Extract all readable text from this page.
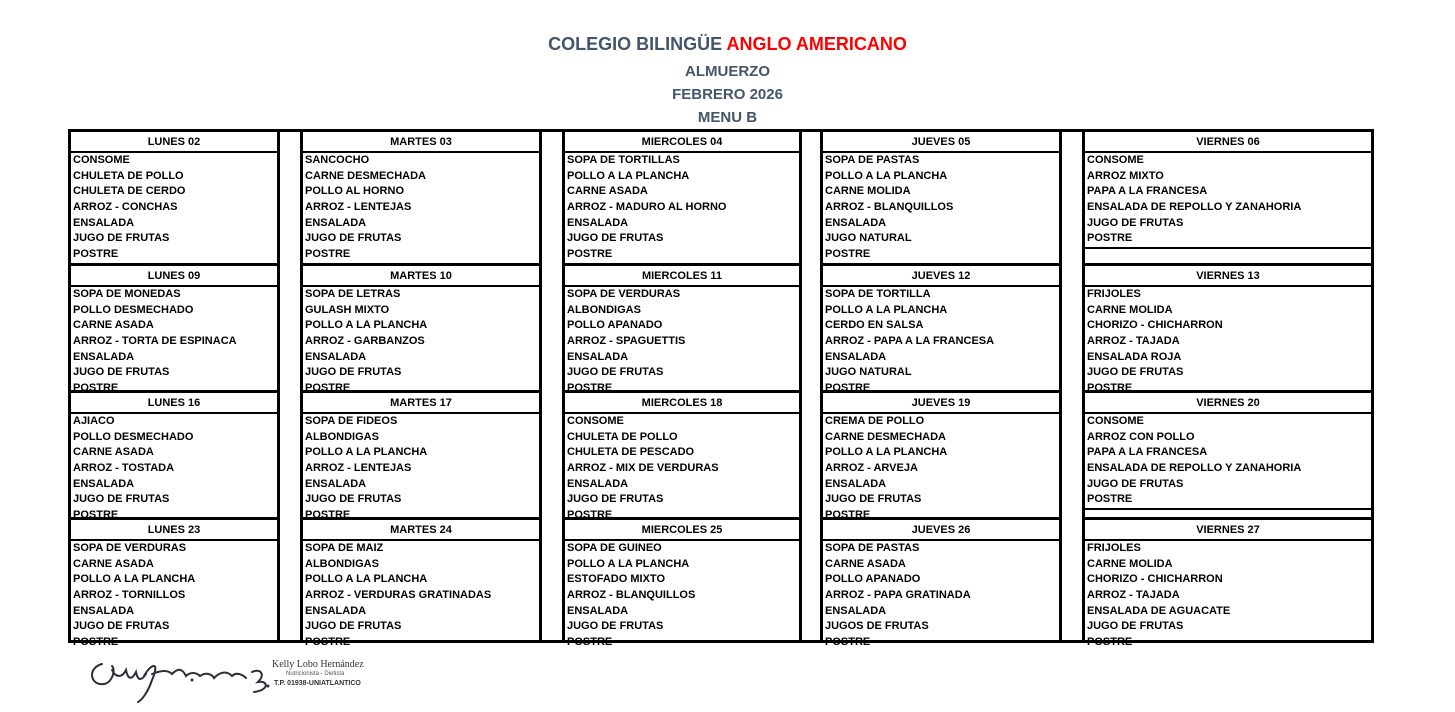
COLEGIO BILINGÜE ANGLO AMERICANO
ALMUERZO
FEBRERO 2026
MENU B
LUNES 02
CONSOME
CHULETA DE POLLO
CHULETA DE CERDO
ARROZ - CONCHAS
ENSALADA
JUGO DE FRUTAS
POSTRE
LUNES 09
SOPA DE MONEDAS
POLLO DESMECHADO
CARNE ASADA
ARROZ - TORTA DE ESPINACA
ENSALADA
JUGO DE FRUTAS
POSTRE
LUNES 16
AJIACO
POLLO DESMECHADO
CARNE ASADA
ARROZ - TOSTADA
ENSALADA
JUGO DE FRUTAS
POSTRE
LUNES 23
SOPA DE VERDURAS
CARNE ASADA
POLLO A LA PLANCHA
ARROZ - TORNILLOS
ENSALADA
JUGO DE FRUTAS
POSTRE
MARTES 03
SANCOCHO
CARNE DESMECHADA
POLLO AL HORNO
ARROZ - LENTEJAS
ENSALADA
JUGO DE FRUTAS
POSTRE
MARTES 10
SOPA DE LETRAS
GULASH MIXTO
POLLO A LA PLANCHA
ARROZ - GARBANZOS
ENSALADA
JUGO DE FRUTAS
POSTRE
MARTES 17
SOPA DE FIDEOS
ALBONDIGAS
POLLO A LA PLANCHA
ARROZ - LENTEJAS
ENSALADA
JUGO DE FRUTAS
POSTRE
MARTES 24
SOPA DE MAIZ
ALBONDIGAS
POLLO A LA PLANCHA
ARROZ - VERDURAS GRATINADAS
ENSALADA
JUGO DE FRUTAS
POSTRE
MIERCOLES 04
SOPA DE TORTILLAS
POLLO A LA PLANCHA
CARNE ASADA
ARROZ - MADURO AL HORNO
ENSALADA
JUGO DE FRUTAS
POSTRE
MIERCOLES 11
SOPA DE VERDURAS
ALBONDIGAS
POLLO APANADO
ARROZ - SPAGUETTIS
ENSALADA
JUGO DE FRUTAS
POSTRE
MIERCOLES 18
CONSOME
CHULETA DE POLLO
CHULETA DE PESCADO
ARROZ - MIX DE VERDURAS
ENSALADA
JUGO DE FRUTAS
POSTRE
MIERCOLES 25
SOPA DE GUINEO
POLLO A LA PLANCHA
ESTOFADO MIXTO
ARROZ - BLANQUILLOS
ENSALADA
JUGO DE FRUTAS
POSTRE
JUEVES 05
SOPA DE PASTAS
POLLO A LA PLANCHA
CARNE MOLIDA
ARROZ - BLANQUILLOS
ENSALADA
JUGO NATURAL
POSTRE
JUEVES 12
SOPA DE TORTILLA
POLLO A LA PLANCHA
CERDO EN SALSA
ARROZ - PAPA A LA FRANCESA
ENSALADA
JUGO NATURAL
POSTRE
JUEVES 19
CREMA DE POLLO
CARNE DESMECHADA
POLLO A LA PLANCHA
ARROZ - ARVEJA
ENSALADA
JUGO DE FRUTAS
POSTRE
JUEVES 26
SOPA DE PASTAS
CARNE ASADA
POLLO APANADO
ARROZ - PAPA GRATINADA
ENSALADA
JUGOS DE FRUTAS
POSTRE
VIERNES 06
CONSOME
ARROZ MIXTO
PAPA A LA FRANCESA
ENSALADA DE REPOLLO Y ZANAHORIA
JUGO DE FRUTAS
POSTRE
VIERNES 13
FRIJOLES
CARNE MOLIDA
CHORIZO - CHICHARRON
ARROZ - TAJADA
ENSALADA ROJA
JUGO DE FRUTAS
POSTRE
VIERNES 20
CONSOME
ARROZ CON POLLO
PAPA A LA FRANCESA
ENSALADA DE REPOLLO Y ZANAHORIA
JUGO DE FRUTAS
POSTRE
VIERNES 27
FRIJOLES
CARNE MOLIDA
CHORIZO - CHICHARRON
ARROZ - TAJADA
ENSALADA DE AGUACATE
JUGO DE FRUTAS
POSTRE
Kelly Lobo Hernández
Nutricionista - Dietista
T.P. 01938-UNIATLANTICO
